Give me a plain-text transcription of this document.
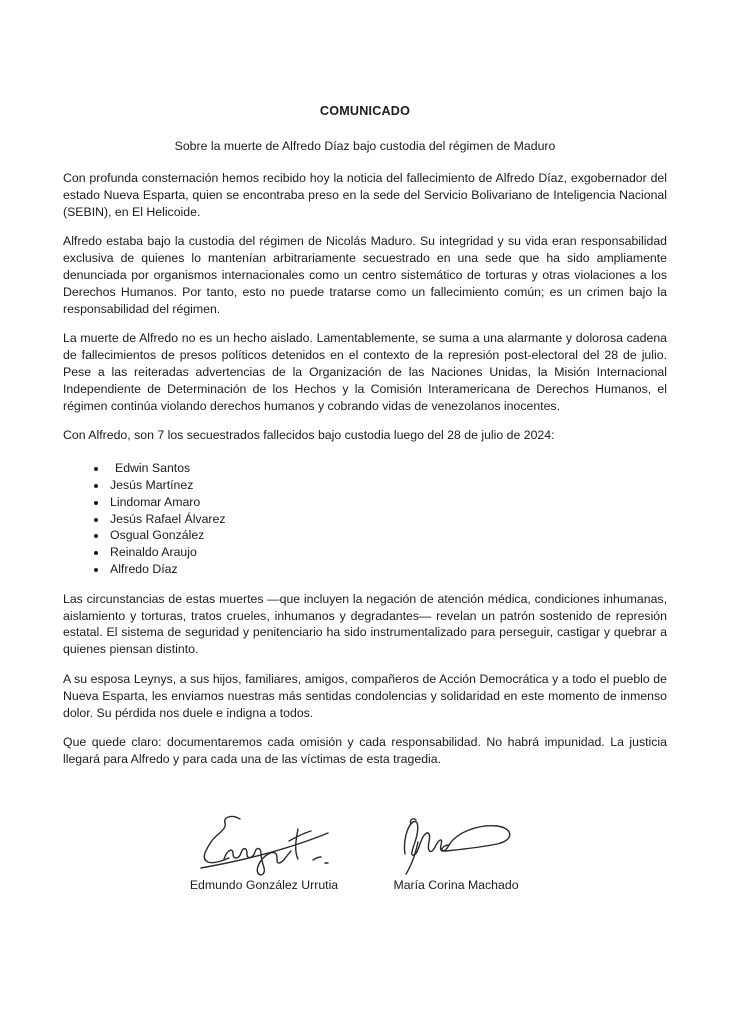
COMUNICADO
Sobre la muerte de Alfredo Díaz bajo custodia del régimen de Maduro

Con profunda consternación hemos recibido hoy la noticia del fallecimiento de Alfredo Díaz, exgobernador del estado Nueva Esparta, quien se encontraba preso en la sede del Servicio Bolivariano de Inteligencia Nacional (SEBIN), en El Helicoide.

Alfredo estaba bajo la custodia del régimen de Nicolás Maduro. Su integridad y su vida eran responsabilidad exclusiva de quienes lo mantenían arbitrariamente secuestrado en una sede que ha sido ampliamente denunciada por organismos internacionales como un centro sistemático de torturas y otras violaciones a los Derechos Humanos. Por tanto, esto no puede tratarse como un fallecimiento común; es un crimen bajo la responsabilidad del régimen.

La muerte de Alfredo no es un hecho aislado. Lamentablemente, se suma a una alarmante y dolorosa cadena de fallecimientos de presos políticos detenidos en el contexto de la represión post-electoral del 28 de julio. Pese a las reiteradas advertencias de la Organización de las Naciones Unidas, la Misión Internacional Independiente de Determinación de los Hechos y la Comisión Interamericana de Derechos Humanos, el régimen continúa violando derechos humanos y cobrando vidas de venezolanos inocentes.

Con Alfredo, son 7 los secuestrados fallecidos bajo custodia luego del 28 de julio de 2024:

• Edwin Santos
• Jesús Martínez
• Lindomar Amaro
• Jesús Rafael Álvarez
• Osgual González
• Reinaldo Araujo
• Alfredo Díaz

Las circunstancias de estas muertes —que incluyen la negación de atención médica, condiciones inhumanas, aislamiento y torturas, tratos crueles, inhumanos y degradantes— revelan un patrón sostenido de represión estatal. El sistema de seguridad y penitenciario ha sido instrumentalizado para perseguir, castigar y quebrar a quienes piensan distinto.

A su esposa Leynys, a sus hijos, familiares, amigos, compañeros de Acción Democrática y a todo el pueblo de Nueva Esparta, les enviamos nuestras más sentidas condolencias y solidaridad en este momento de inmenso dolor. Su pérdida nos duele e indigna a todos.

Que quede claro: documentaremos cada omisión y cada responsabilidad. No habrá impunidad. La justicia llegará para Alfredo y para cada una de las víctimas de esta tragedia.

Edmundo González Urrutia	María Corina Machado
